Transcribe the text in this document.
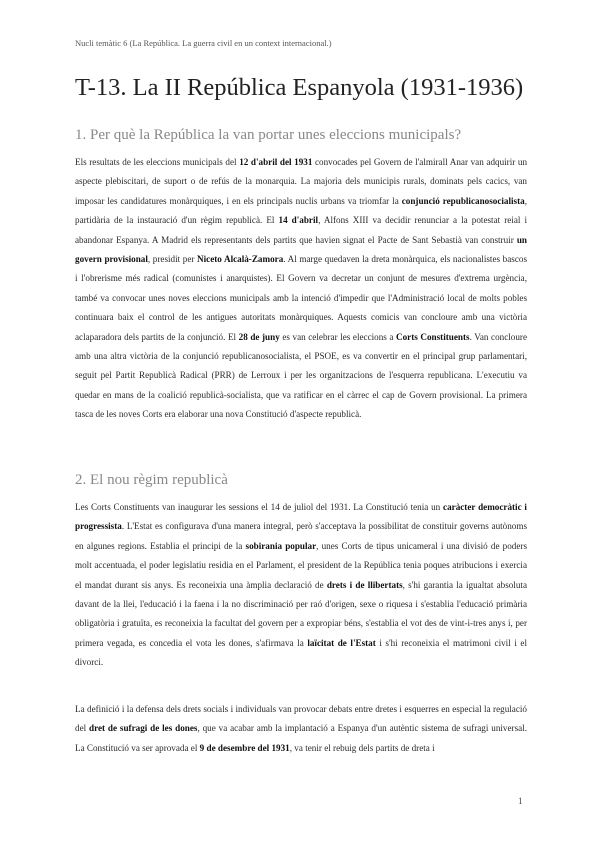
Nucli temàtic 6 (La República. La guerra civil en un context internacional.)
T-13. La II República Espanyola (1931-1936)
1. Per què la República la van portar unes eleccions municipals?

Els resultats de les eleccions municipals del 12 d'abril del 1931 convocades pel Govern de l'almirall Anar van adquirir un aspecte plebiscitari, de suport o de refús de la monarquia. La majoria dels municipis rurals, dominats pels cacics, van imposar les candidatures monàrquiques, i en els principals nuclis urbans va triomfar la conjunció republicanosocialista, partidària de la instauració d'un règim republicà. El 14 d'abril, Alfons XIII va decidir renunciar a la potestat reial i abandonar Espanya. A Madrid els representants dels partits que havien signat el Pacte de Sant Sebastià van construir un govern provisional, presidit per Niceto Alcalà-Zamora. Al marge quedaven la dreta monàrquica, els nacionalistes bascos i l'obrerisme més radical (comunistes i anarquistes). El Govern va decretar un conjunt de mesures d'extrema urgència, també va convocar unes noves eleccions municipals amb la intenció d'impedir que l'Administració local de molts pobles continuara baix el control de les antigues autoritats monàrquiques. Aquests comicis van concloure amb una victòria aclaparadora dels partits de la conjunció. El 28 de juny es van celebrar les eleccions a Corts Constituents. Van concloure amb una altra victòria de la conjunció republicanosocialista, el PSOE, es va convertir en el principal grup parlamentari, seguit pel Partit Republicà Radical (PRR) de Lerroux i per les organitzacions de l'esquerra republicana. L'executiu va quedar en mans de la coalició republicà-socialista, que va ratificar en el càrrec el cap de Govern provisional. La primera tasca de les noves Corts era elaborar una nova Constitució d'aspecte republicà.

2. El nou règim republicà

Les Corts Constituents van inaugurar les sessions el 14 de juliol del 1931. La Constitució tenia un caràcter democràtic i progressista. L'Estat es configurava d'una manera integral, però s'acceptava la possibilitat de constituir governs autònoms en algunes regions. Establia el principi de la sobirania popular, unes Corts de tipus unicameral i una divisió de poders molt accentuada, el poder legislatiu residia en el Parlament, el president de la República tenia poques atribucions i exercia el mandat durant sis anys. Es reconeixia una àmplia declaració de drets i de llibertats, s'hi garantia la igualtat absoluta davant de la llei, l'educació i la faena i la no discriminació per raó d'origen, sexe o riquesa i s'establia l'educació primària obligatòria i gratuïta, es reconeixia la facultat del govern per a expropiar béns, s'establia el vot des de vint-i-tres anys i, per primera vegada, es concedia el vota les dones, s'afirmava la laïcitat de l'Estat i s'hi reconeixia el matrimoni civil i el divorci.

La definició i la defensa dels drets socials i individuals van provocar debats entre dretes i esquerres en especial la regulació del dret de sufragi de les dones, que va acabar amb la implantació a Espanya d'un autèntic sistema de sufragi universal. La Constitució va ser aprovada el 9 de desembre del 1931, va tenir el rebuig dels partits de dreta i

1
